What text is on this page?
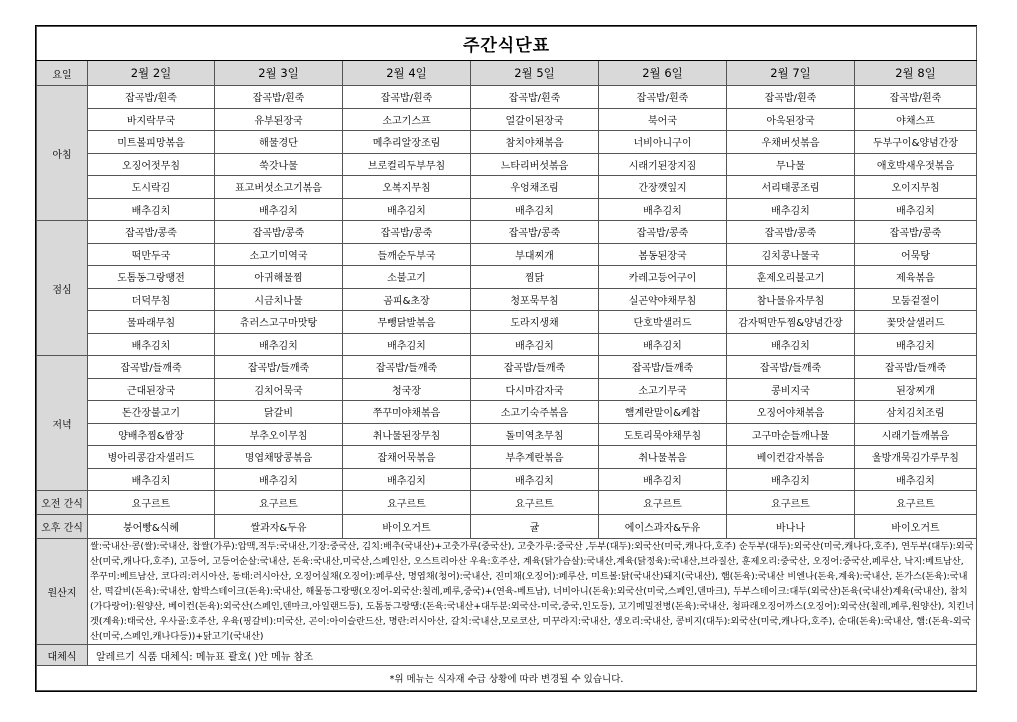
주간식단표							
요일	2월 2일	2월 3일	2월 4일	2월 5일	2월 6일	2월 7일	2월 8일
아침	잡곡밥/흰죽	잡곡밥/흰죽	잡곡밥/흰죽	잡곡밥/흰죽	잡곡밥/흰죽	잡곡밥/흰죽	잡곡밥/흰죽
	바지락무국	유부된장국	소고기스프	얼갈이된장국	북어국	아욱된장국	야채스프
	미트볼피망볶음	해물경단	메추리알장조림	참치야채볶음	너비아니구이	우채버섯볶음	두부구이&양념간장
	오징어젓무침	쑥갓나물	브로컬리두부무침	느타리버섯볶음	시래기된장지짐	무나물	애호박새우젓볶음
	도시락김	표고버섯소고기볶음	오복지무침	우엉채조림	간장깻잎지	서리태콩조림	오이지무침
	배추김치	배추김치	배추김치	배추김치	배추김치	배추김치	배추김치
점심	잡곡밥/콩죽	잡곡밥/콩죽	잡곡밥/콩죽	잡곡밥/콩죽	잡곡밥/콩죽	잡곡밥/콩죽	잡곡밥/콩죽
	떡만두국	소고기미역국	들깨순두부국	부대찌개	봄동된장국	김치콩나물국	어묵탕
	도톰동그랑땡전	아귀해물찜	소불고기	찜닭	카레고등어구이	훈제오리불고기	제육볶음
	더덕무침	시금치나물	곰피&초장	청포묵무침	실곤약야채무침	참나물유자무침	모둠겉절이
	물파래무침	츄러스고구마맛탕	무뺑닭발볶음	도라지생채	단호박샐러드	감자떡만두찜&양념간장	꽃맛살샐러드
	배추김치	배추김치	배추김치	배추김치	배추김치	배추김치	배추김치
저녁	잡곡밥/들깨죽	잡곡밥/들깨죽	잡곡밥/들깨죽	잡곡밥/들깨죽	잡곡밥/들깨죽	잡곡밥/들깨죽	잡곡밥/들깨죽
	근대된장국	김치어묵국	청국장	다시마감자국	소고기무국	콩비지국	된장찌개
	돈간장불고기	닭갈비	쭈꾸미야채볶음	소고기숙주볶음	햄계란말이&케찹	오징어야채볶음	삼치김치조림
	양배추찜&쌈장	부추오이무침	취나물된장무침	돌미역초무침	도토리묵야채무침	고구마순들깨나물	시래기들깨볶음
	병아리콩감자샐러드	명엽채땅콩볶음	잡채어묵볶음	부추계란볶음	취나물볶음	베이컨감자볶음	울방개묵김가루무침
	배추김치	배추김치	배추김치	배추김치	배추김치	배추김치	배추김치
오전 간식	요구르트	요구르트	요구르트	요구르트	요구르트	요구르트	요구르트
오후 간식	붕어빵&식혜	쌀과자&두유	바이오거트	귤	에이스과자&두유	바나나	바이오거트
원산지	쌀:국내산·콩(쌀):국내산, 찹쌀(가루):압맥,적두:국내산,기장:중국산, 김치:배추(국내산)+고춧가루(중국산), 고춧가루:중국산 ,두부(대두):외국산(미국,캐나다,호주) 순두부(대두):외국산(미국,캐나다,호주), 연두부(대두):외국산(미국,캐나다,호주), 고등어, 고등어순살:국내산, 돈육:국내산,미국산,스페인산, 오스트리아산 우육:호주산, 계육(닭가슴살):국내산,계육(닭정육):국내산,브라질산, 훈제오리:중국산, 오징어:중국산,페루산, 낙지:베트남산, 쭈꾸미:베트남산, 코다리:러시아산, 동태:러시아산, 오징어실채(오징어):페루산, 명엽채(청어):국내산, 진미채(오징어):페루산, 미트볼:닭(국내산)돼지(국내산), 햄(돈육):국내산 비엔나(돈육,계육):국내산, 돈가스(돈육):국내산, 떡갈비(돈육):국내산, 함박스테이크(돈육):국내산, 해물동그랑땡(오징어-외국산:칠레,페루,중국)+(연육-베트남), 너비아니(돈육):외국산(미국,스페인,덴마크), 두부스테이크:대두(외국산)돈육(국내산)계육(국내산), 참치(가다랑어):원양산, 베이컨(돈육):외국산(스페인,덴마크,아일랜드등), 도톰동그랑땡:(돈육:국내산+대두분:외국산-미국,중국,인도등), 고기메밀전병(돈육):국내산, 청파래오징어까스(오징어):외국산(칠레,페루,원양산), 치킨너겟(계육):태국산, 우사골:호주산, 우육(핑갈비):미국산, 곤이:아이슬란드산, 명란:러시아산, 갈치:국내산,모로코산, 미꾸라지:국내산, 생오리:국내산, 콩비지(대두):외국산(미국,캐나다,호주), 순대(돈육):국내산, 햄:(돈육-외국산(미국,스페인,캐나다등))+닭고기(국내산)						
대체식	알레르기 식품 대체식: 메뉴표 괄호( )안 메뉴 참조						
*위 메뉴는 식자재 수급 상황에 따라 변경될 수 있습니다.							
